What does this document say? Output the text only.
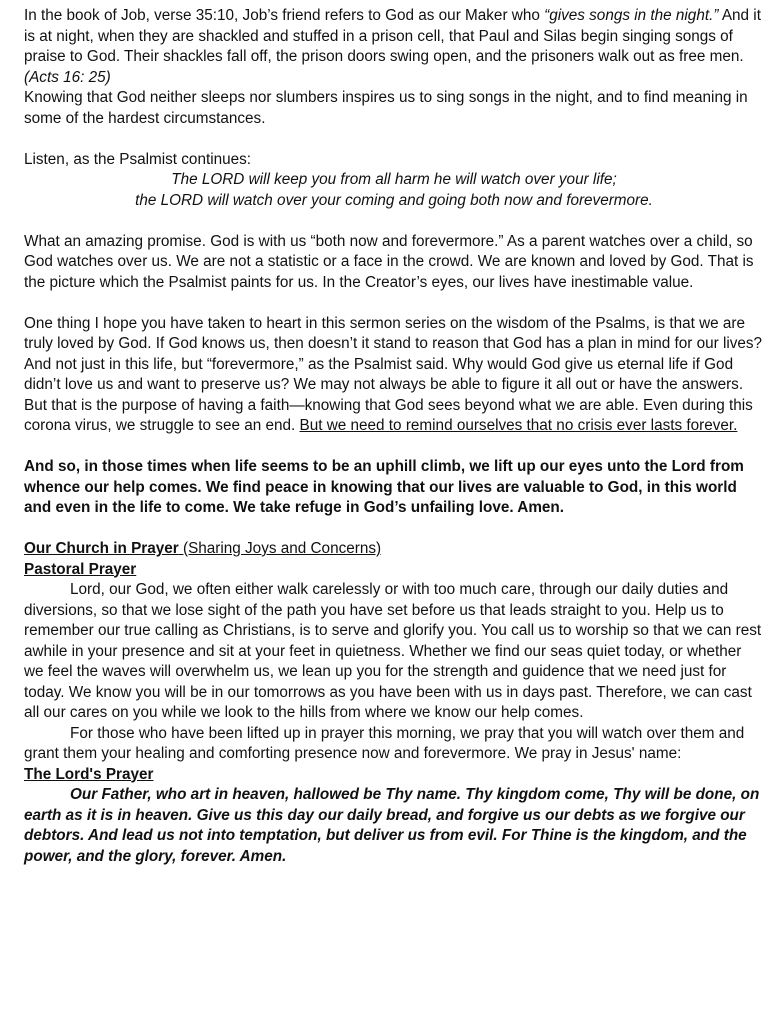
In the book of Job, verse 35:10, Job’s friend refers to God as our Maker who “gives songs in the night.” And it is at night, when they are shackled and stuffed in a prison cell, that Paul and Silas begin singing songs of praise to God. Their shackles fall off, the prison doors swing open, and the prisoners walk out as free men. (Acts 16: 25)

Knowing that God neither sleeps nor slumbers inspires us to sing songs in the night, and to find meaning in some of the hardest circumstances.

Listen, as the Psalmist continues:

The LORD will keep you from all harm he will watch over your life;

the LORD will watch over your coming and going both now and forevermore.

What an amazing promise. God is with us “both now and forevermore.” As a parent watches over a child, so God watches over us. We are not a statistic or a face in the crowd. We are known and loved by God. That is the picture which the Psalmist paints for us. In the Creator’s eyes, our lives have inestimable value.

One thing I hope you have taken to heart in this sermon series on the wisdom of the Psalms, is that we are truly loved by God. If God knows us, then doesn’t it stand to reason that God has a plan in mind for our lives? And not just in this life, but “forevermore,” as the Psalmist said. Why would God give us eternal life if God didn’t love us and want to preserve us? We may not always be able to figure it all out or have the answers. But that is the purpose of having a faith—knowing that God sees beyond what we are able. Even during this corona virus, we struggle to see an end. But we need to remind ourselves that no crisis ever lasts forever.

And so, in those times when life seems to be an uphill climb, we lift up our eyes unto the Lord from whence our help comes. We find peace in knowing that our lives are valuable to God, in this world and even in the life to come. We take refuge in God’s unfailing love. Amen.

Our Church in Prayer (Sharing Joys and Concerns)

Pastoral Prayer

Lord, our God, we often either walk carelessly or with too much care, through our daily duties and diversions, so that we lose sight of the path you have set before us that leads straight to you. Help us to remember our true calling as Christians, is to serve and glorify you. You call us to worship so that we can rest awhile in your presence and sit at your feet in quietness. Whether we find our seas quiet today, or whether we feel the waves will overwhelm us, we lean up you for the strength and guidence that we need just for today. We know you will be in our tomorrows as you have been with us in days past. Therefore, we can cast all our cares on you while we look to the hills from where we know our help comes.

For those who have been lifted up in prayer this morning, we pray that you will watch over them and grant them your healing and comforting presence now and forevermore. We pray in Jesus' name:

The Lord's Prayer

Our Father, who art in heaven, hallowed be Thy name. Thy kingdom come, Thy will be done, on earth as it is in heaven. Give us this day our daily bread, and forgive us our debts as we forgive our debtors. And lead us not into temptation, but deliver us from evil. For Thine is the kingdom, and the power, and the glory, forever. Amen.
